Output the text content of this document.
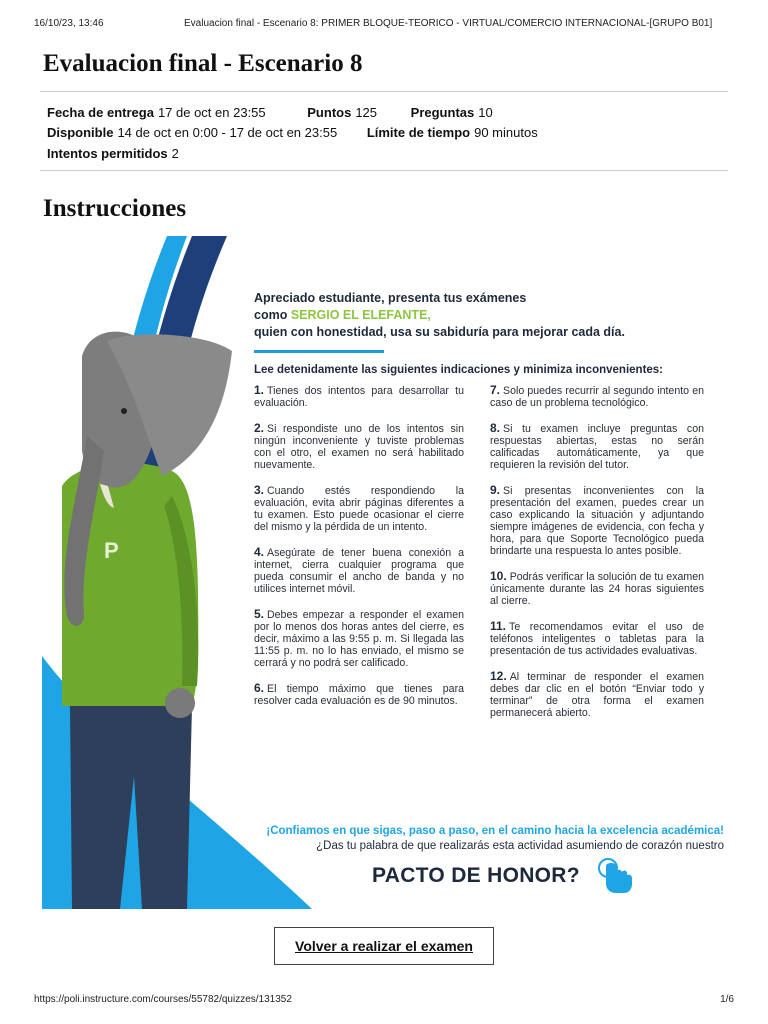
16/10/23, 13:46	Evaluacion final - Escenario 8: PRIMER BLOQUE-TEORICO - VIRTUAL/COMERCIO INTERNACIONAL-[GRUPO B01]
Evaluacion final - Escenario 8
Fecha de entrega 17 de oct en 23:55	Puntos 125	Preguntas 10
Disponible 14 de oct en 0:00 - 17 de oct en 23:55 Límite de tiempo 90 minutos
Intentos permitidos 2
Instrucciones
P
Apreciado estudiante, presenta tus exámenes
como SERGIO EL ELEFANTE,
quien con honestidad, usa su sabiduría para mejorar cada día.
Lee detenidamente las siguientes indicaciones y minimiza inconvenientes:
1. Tienes dos intentos para desarrollar tu evaluación.
2. Si respondiste uno de los intentos sin ningún inconveniente y tuviste problemas con el otro, el examen no será habilitado nuevamente.
3. Cuando estés respondiendo la evaluación, evita abrir páginas diferentes a tu examen. Esto puede ocasionar el cierre del mismo y la pérdida de un intento.
4. Asegúrate de tener buena conexión a internet, cierra cualquier programa que pueda consumir el ancho de banda y no utilices internet móvil.
5. Debes empezar a responder el examen por lo menos dos horas antes del cierre, es decir, máximo a las 9:55 p. m. Si llegada las 11:55 p. m. no lo has enviado, el mismo se cerrará y no podrá ser calificado.
6. El tiempo máximo que tienes para resolver cada evaluación es de 90 minutos.
7. Solo puedes recurrir al segundo intento en caso de un problema tecnológico.
8. Si tu examen incluye preguntas con respuestas abiertas, estas no serán calificadas automáticamente, ya que requieren la revisión del tutor.
9. Si presentas inconvenientes con la presentación del examen, puedes crear un caso explicando la situación y adjuntando siempre imágenes de evidencia, con fecha y hora, para que Soporte Tecnológico pueda brindarte una respuesta lo antes posible.
10. Podrás verificar la solución de tu examen únicamente durante las 24 horas siguientes al cierre.
11. Te recomendamos evitar el uso de teléfonos inteligentes o tabletas para la presentación de tus actividades evaluativas.
12. Al terminar de responder el examen debes dar clic en el botón “Enviar todo y terminar” de otra forma el examen permanecerá abierto.
¡Confiamos en que sigas, paso a paso, en el camino hacia la excelencia académica!
¿Das tu palabra de que realizarás esta actividad asumiendo de corazón nuestro
PACTO DE HONOR?
Volver a realizar el examen
https://poli.instructure.com/courses/55782/quizzes/131352	1/6
